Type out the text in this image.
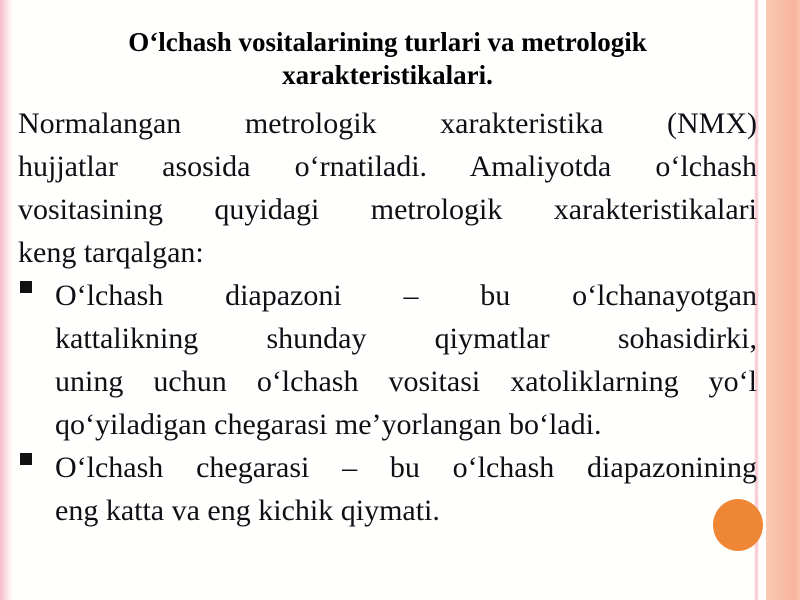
Oʻlchash vositalarining turlari va metrologik
xarakteristikalari.
Normalangan metrologik xarakteristika (NMX)
hujjatlar asosida oʻrnatiladi. Amaliyotda oʻlchash
vositasining quyidagi metrologik xarakteristikalari
keng tarqalgan:
Oʻlchash diapazoni – bu oʻlchanayotgan
kattalikning shunday qiymatlar sohasidirki,
uning uchun oʻlchash vositasi xatoliklarning yoʻl
qoʻyiladigan chegarasi me’yorlangan boʻladi.
Oʻlchash chegarasi – bu oʻlchash diapazonining
eng katta va eng kichik qiymati.
